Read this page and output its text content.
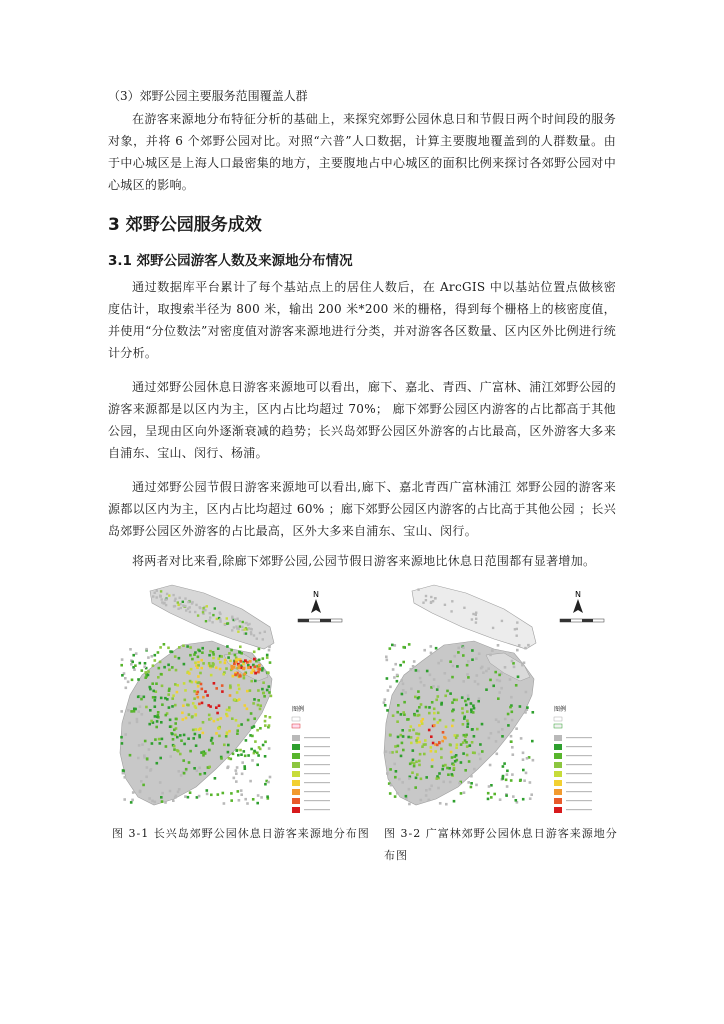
（3）郊野公园主要服务范围覆盖人群

在游客来源地分布特征分析的基础上，来探究郊野公园休息日和节假日两个时间段的服务对象，并将 6 个郊野公园对比。对照“六普”人口数据，计算主要腹地覆盖到的人群数量。由于中心城区是上海人口最密集的地方，主要腹地占中心城区的面积比例来探讨各郊野公园对中心城区的影响。

3 郊野公园服务成效
3.1 郊野公园游客人数及来源地分布情况

通过数据库平台累计了每个基站点上的居住人数后，在 ArcGIS 中以基站位置点做核密度估计，取搜索半径为 800 米，输出 200 米*200 米的栅格，得到每个栅格上的核密度值，并使用“分位数法”对密度值对游客来源地进行分类，并对游客各区数量、区内区外比例进行统计分析。

通过郊野公园休息日游客来源地可以看出，廊下、嘉北、青西、广富林、浦江郊野公园的游客来源都是以区内为主，区内占比均超过 70%； 廊下郊野公园区内游客的占比都高于其他公园，呈现由区向外逐渐衰减的趋势；长兴岛郊野公园区外游客的占比最高，区外游客大多来自浦东、宝山、闵行、杨浦。

通过郊野公园节假日游客来源地可以看出,廊下、嘉北青西广富林浦江 郊野公园的游客来源都以区内为主，区内占比均超过 60% ；廊下郊野公园区内游客的占比高于其他公园 ；长兴岛郊野公园区外游客的占比最高，区外大多来自浦东、宝山、闵行。

将两者对比来看,除廊下郊野公园,公园节假日游客来源地比休息日范围都有显著增加。

N
图例

图 3-1 长兴岛郊野公园休息日游客来源地分布图

N
图例

图 3-2 广富林郊野公园休息日游客来源地分布图
